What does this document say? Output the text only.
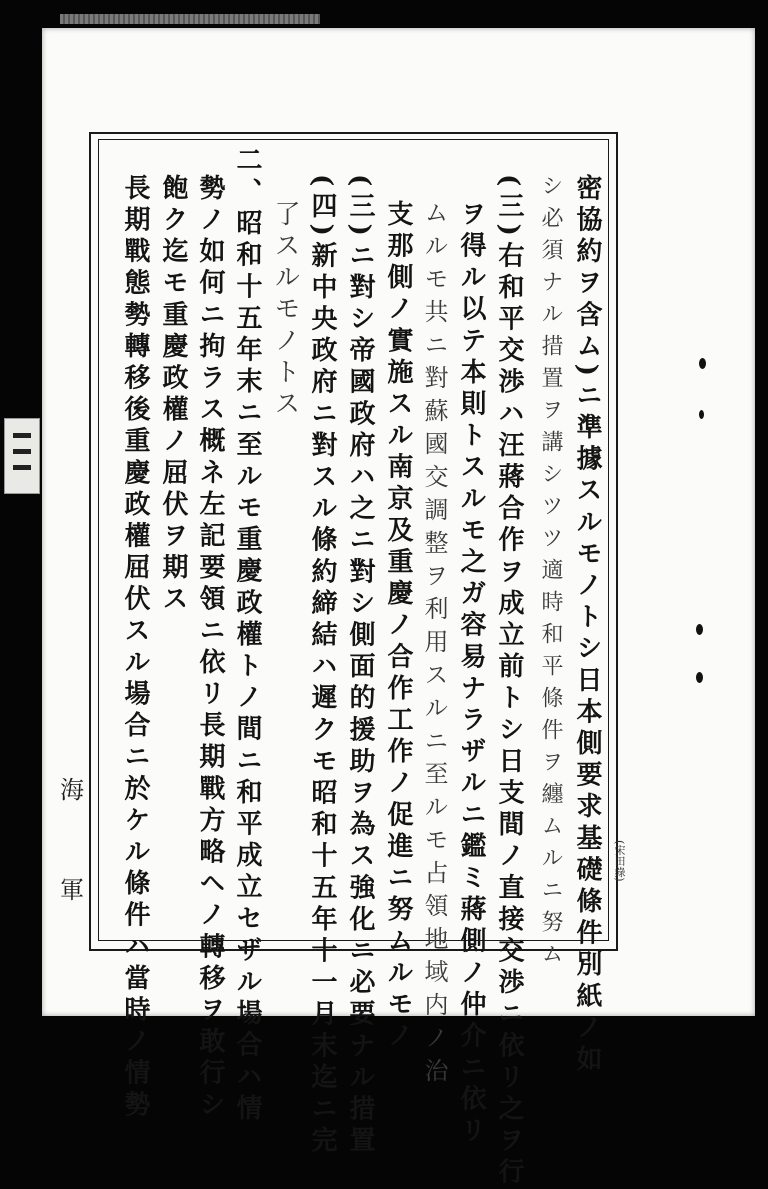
密協約ヲ含ム)ニ準據スルモノトシ日本側要求基礎條件別紙ノ如
シ必須ナル措置ヲ講シツツ適時和平條件ヲ纏ムルニ努ム
(三)右和平交渉ハ汪蔣合作ヲ成立前トシ日支間ノ直接交渉ニ依リ之ヲ行
ヲ得ル以テ本則トスルモ之ガ容易ナラザルニ鑑ミ蔣側ノ仲介ニ依リ
ムルモ共ニ對蘇國交調整ヲ利用スルニ至ルモ占領地域内ノ治
支那側ノ實施スル南京及重慶ノ合作工作ノ促進ニ努ムルモノ
(三)ニ對シ帝國政府ハ之ニ對シ側面的援助ヲ為ス強化ニ必要ナル措置
(四)新中央政府ニ對スル條約締結ハ遲クモ昭和十五年十一月末迄ニ完
了スルモノトス
二、昭和十五年末ニ至ルモ重慶政權トノ間ニ和平成立セザル場合ハ情
勢ノ如何ニ拘ラス概ネ左記要領ニ依リ長期戰方略ヘノ轉移ヲ敢行シ
飽ク迄モ重慶政權ノ屈伏ヲ期ス
長期戰態勢轉移後重慶政權屈伏スル場合ニ於ケル條件ハ當時ノ情勢
海
軍
(宋田錄)
